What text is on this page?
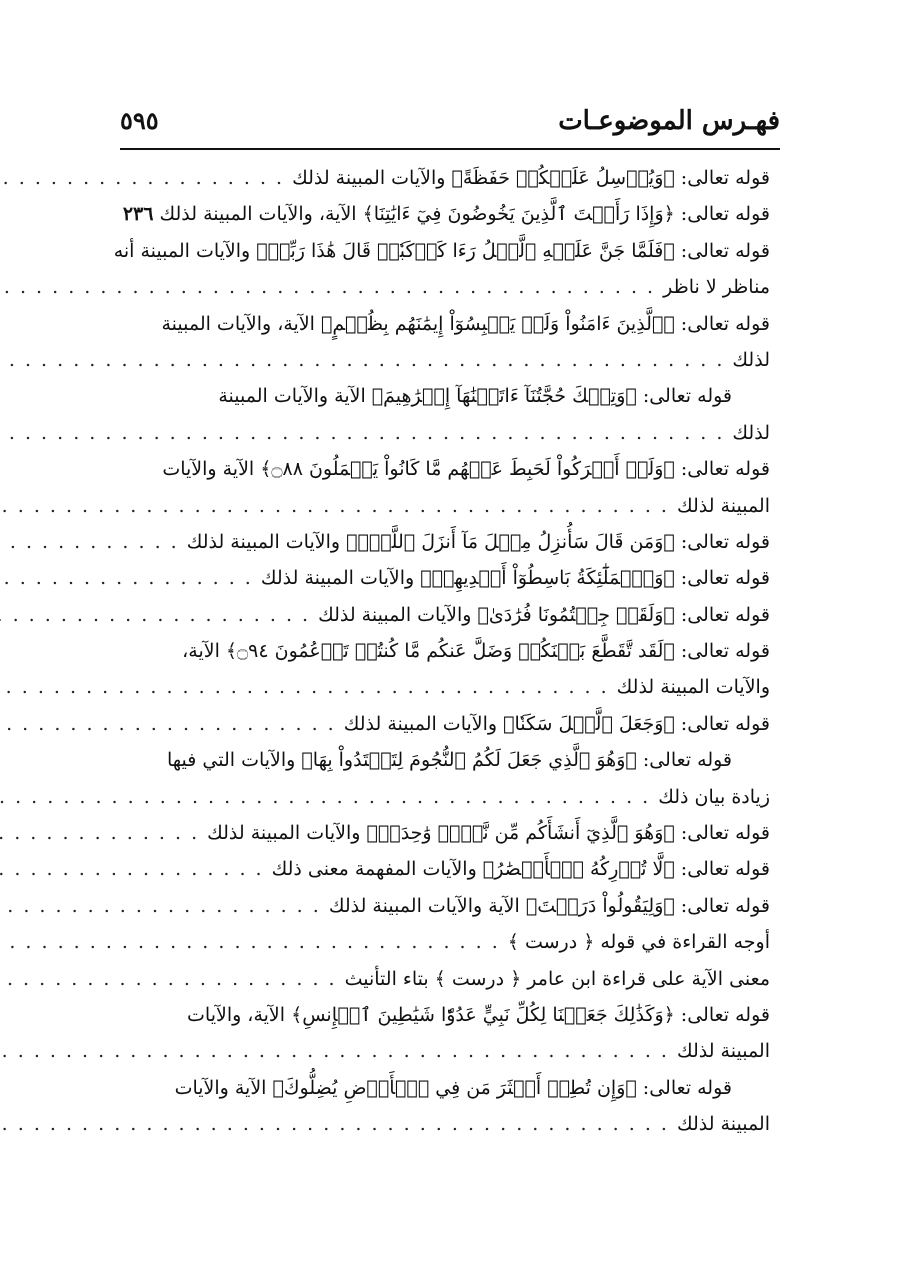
فهـرس الموضوعـات
٥٩٥
قوله تعالى: ﴿وَيُرۡسِلُ عَلَيۡكُمۡ حَفَظَةً﴾ والآيات المبينة لذلك
. . .
قوله تعالى: ﴿وَإِذَا رَأَيۡتَ ٱلَّذِينَ يَخُوضُونَ فِيٓ ءَايَٰتِنَا﴾ الآية، والآيات المبينة لذلك
٢٣٦
قوله تعالى: ﴿فَلَمَّا جَنَّ عَلَيۡهِ ٱلَّيۡلُ رَءَا كَوۡكَبٗاۖ قَالَ هَٰذَا رَبِّيۖ﴾ والآيات المبينة أنه
مناظر لا ناظر
. . .
قوله تعالى: ﴿ٱلَّذِينَ ءَامَنُواْ وَلَمۡ يَلۡبِسُوٓاْ إِيمَٰنَهُم بِظُلۡمٍ﴾ الآية، والآيات المبينة
لذلك
. . .
قوله تعالى: ﴿وَتِلۡكَ حُجَّتُنَآ ءَاتَيۡنَٰهَآ إِبۡرَٰهِيمَ﴾ الآية والآيات المبينة
لذلك
. . .
قوله تعالى: ﴿وَلَوۡ أَشۡرَكُواْ لَحَبِطَ عَنۡهُم مَّا كَانُواْ يَعۡمَلُونَ ۝٨٨﴾ الآية والآيات
المبينة لذلك
. . .
قوله تعالى: ﴿وَمَن قَالَ سَأُنزِلُ مِثۡلَ مَآ أَنزَلَ ٱللَّهُۗ﴾ والآيات المبينة لذلك
. . .
قوله تعالى: ﴿وَٱلۡمَلَٰٓئِكَةُ بَاسِطُوٓاْ أَيۡدِيهِمۡ﴾ والآيات المبينة لذلك
. . .
قوله تعالى: ﴿وَلَقَدۡ جِئۡتُمُونَا فُرَٰدَىٰ﴾ والآيات المبينة لذلك
. . .
قوله تعالى: ﴿لَقَد تَّقَطَّعَ بَيۡنَكُمۡ وَضَلَّ عَنكُم مَّا كُنتُمۡ تَزۡعُمُونَ ۝٩٤﴾ الآية،
والآيات المبينة لذلك
. . .
قوله تعالى: ﴿وَجَعَلَ ٱلَّيۡلَ سَكَنٗا﴾ والآيات المبينة لذلك
. . .
قوله تعالى: ﴿وَهُوَ ٱلَّذِي جَعَلَ لَكُمُ ٱلنُّجُومَ لِتَهۡتَدُواْ بِهَا﴾ والآيات التي فيها
زيادة بيان ذلك
. . .
قوله تعالى: ﴿وَهُوَ ٱلَّذِيٓ أَنشَأَكُم مِّن نَّفۡسٖ وَٰحِدَةٖ﴾ والآيات المبينة لذلك
. . .
قوله تعالى: ﴿لَّا تُدۡرِكُهُ ٱلۡأَبۡصَٰرُ﴾ والآيات المفهمة معنى ذلك
. . .
قوله تعالى: ﴿وَلِيَقُولُواْ دَرَسۡتَ﴾ الآية والآيات المبينة لذلك
. . .
أوجه القراءة في قوله ﴿ درست ﴾
. . .
معنى الآية على قراءة ابن عامر ﴿ درست ﴾ بتاء التأنيث
. . .
قوله تعالى: ﴿وَكَذَٰلِكَ جَعَلۡنَا لِكُلِّ نَبِيٍّ عَدُوّٗا شَيَٰطِينَ ٱلۡإِنسِ﴾ الآية، والآيات
المبينة لذلك
. . .
قوله تعالى: ﴿وَإِن تُطِعۡ أَكۡثَرَ مَن فِي ٱلۡأَرۡضِ يُضِلُّوكَ﴾ الآية والآيات
المبينة لذلك
. . .
